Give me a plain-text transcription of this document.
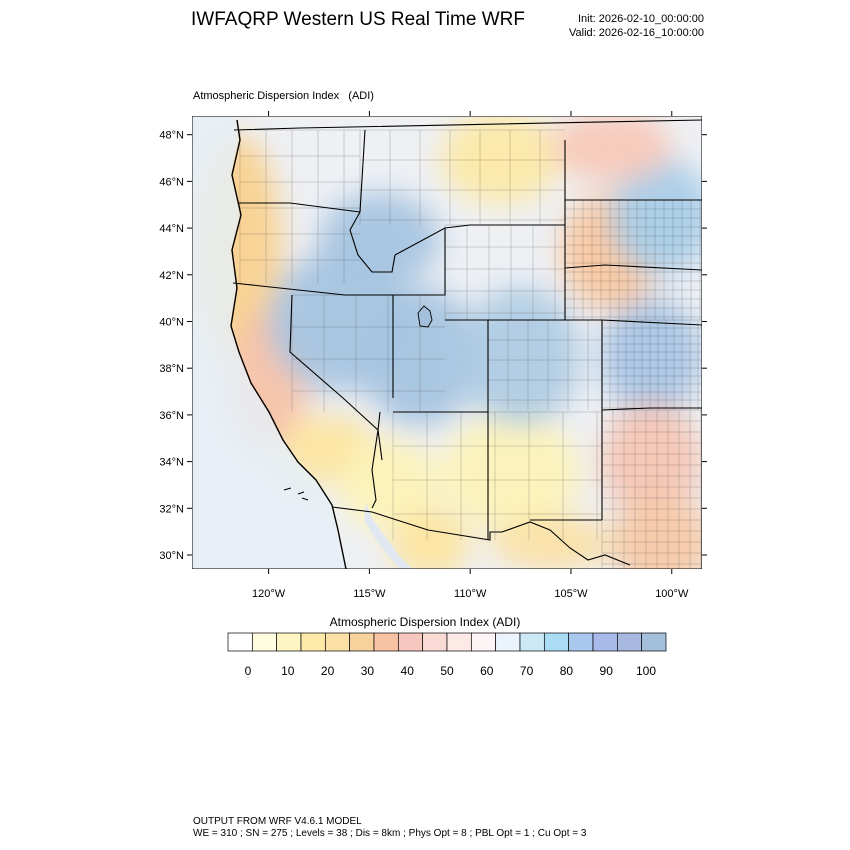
IWFAQRP Western US Real Time WRF	Init: 2026-02-10_00:00:00
Valid: 2026-02-16_10:00:00
Atmospheric Dispersion Index   (ADI)
48°N
46°N
44°N
42°N
40°N
38°N
36°N
34°N
32°N
30°N
120°W	115°W	110°W	105°W	100°W
0 10 20 30 40 50 60 70 80 90 100
Atmospheric Dispersion Index (ADI)
OUTPUT FROM WRF V4.6.1 MODEL
WE = 310 ; SN = 275 ; Levels = 38 ; Dis = 8km ; Phys Opt = 8 ; PBL Opt = 1 ; Cu Opt = 3
